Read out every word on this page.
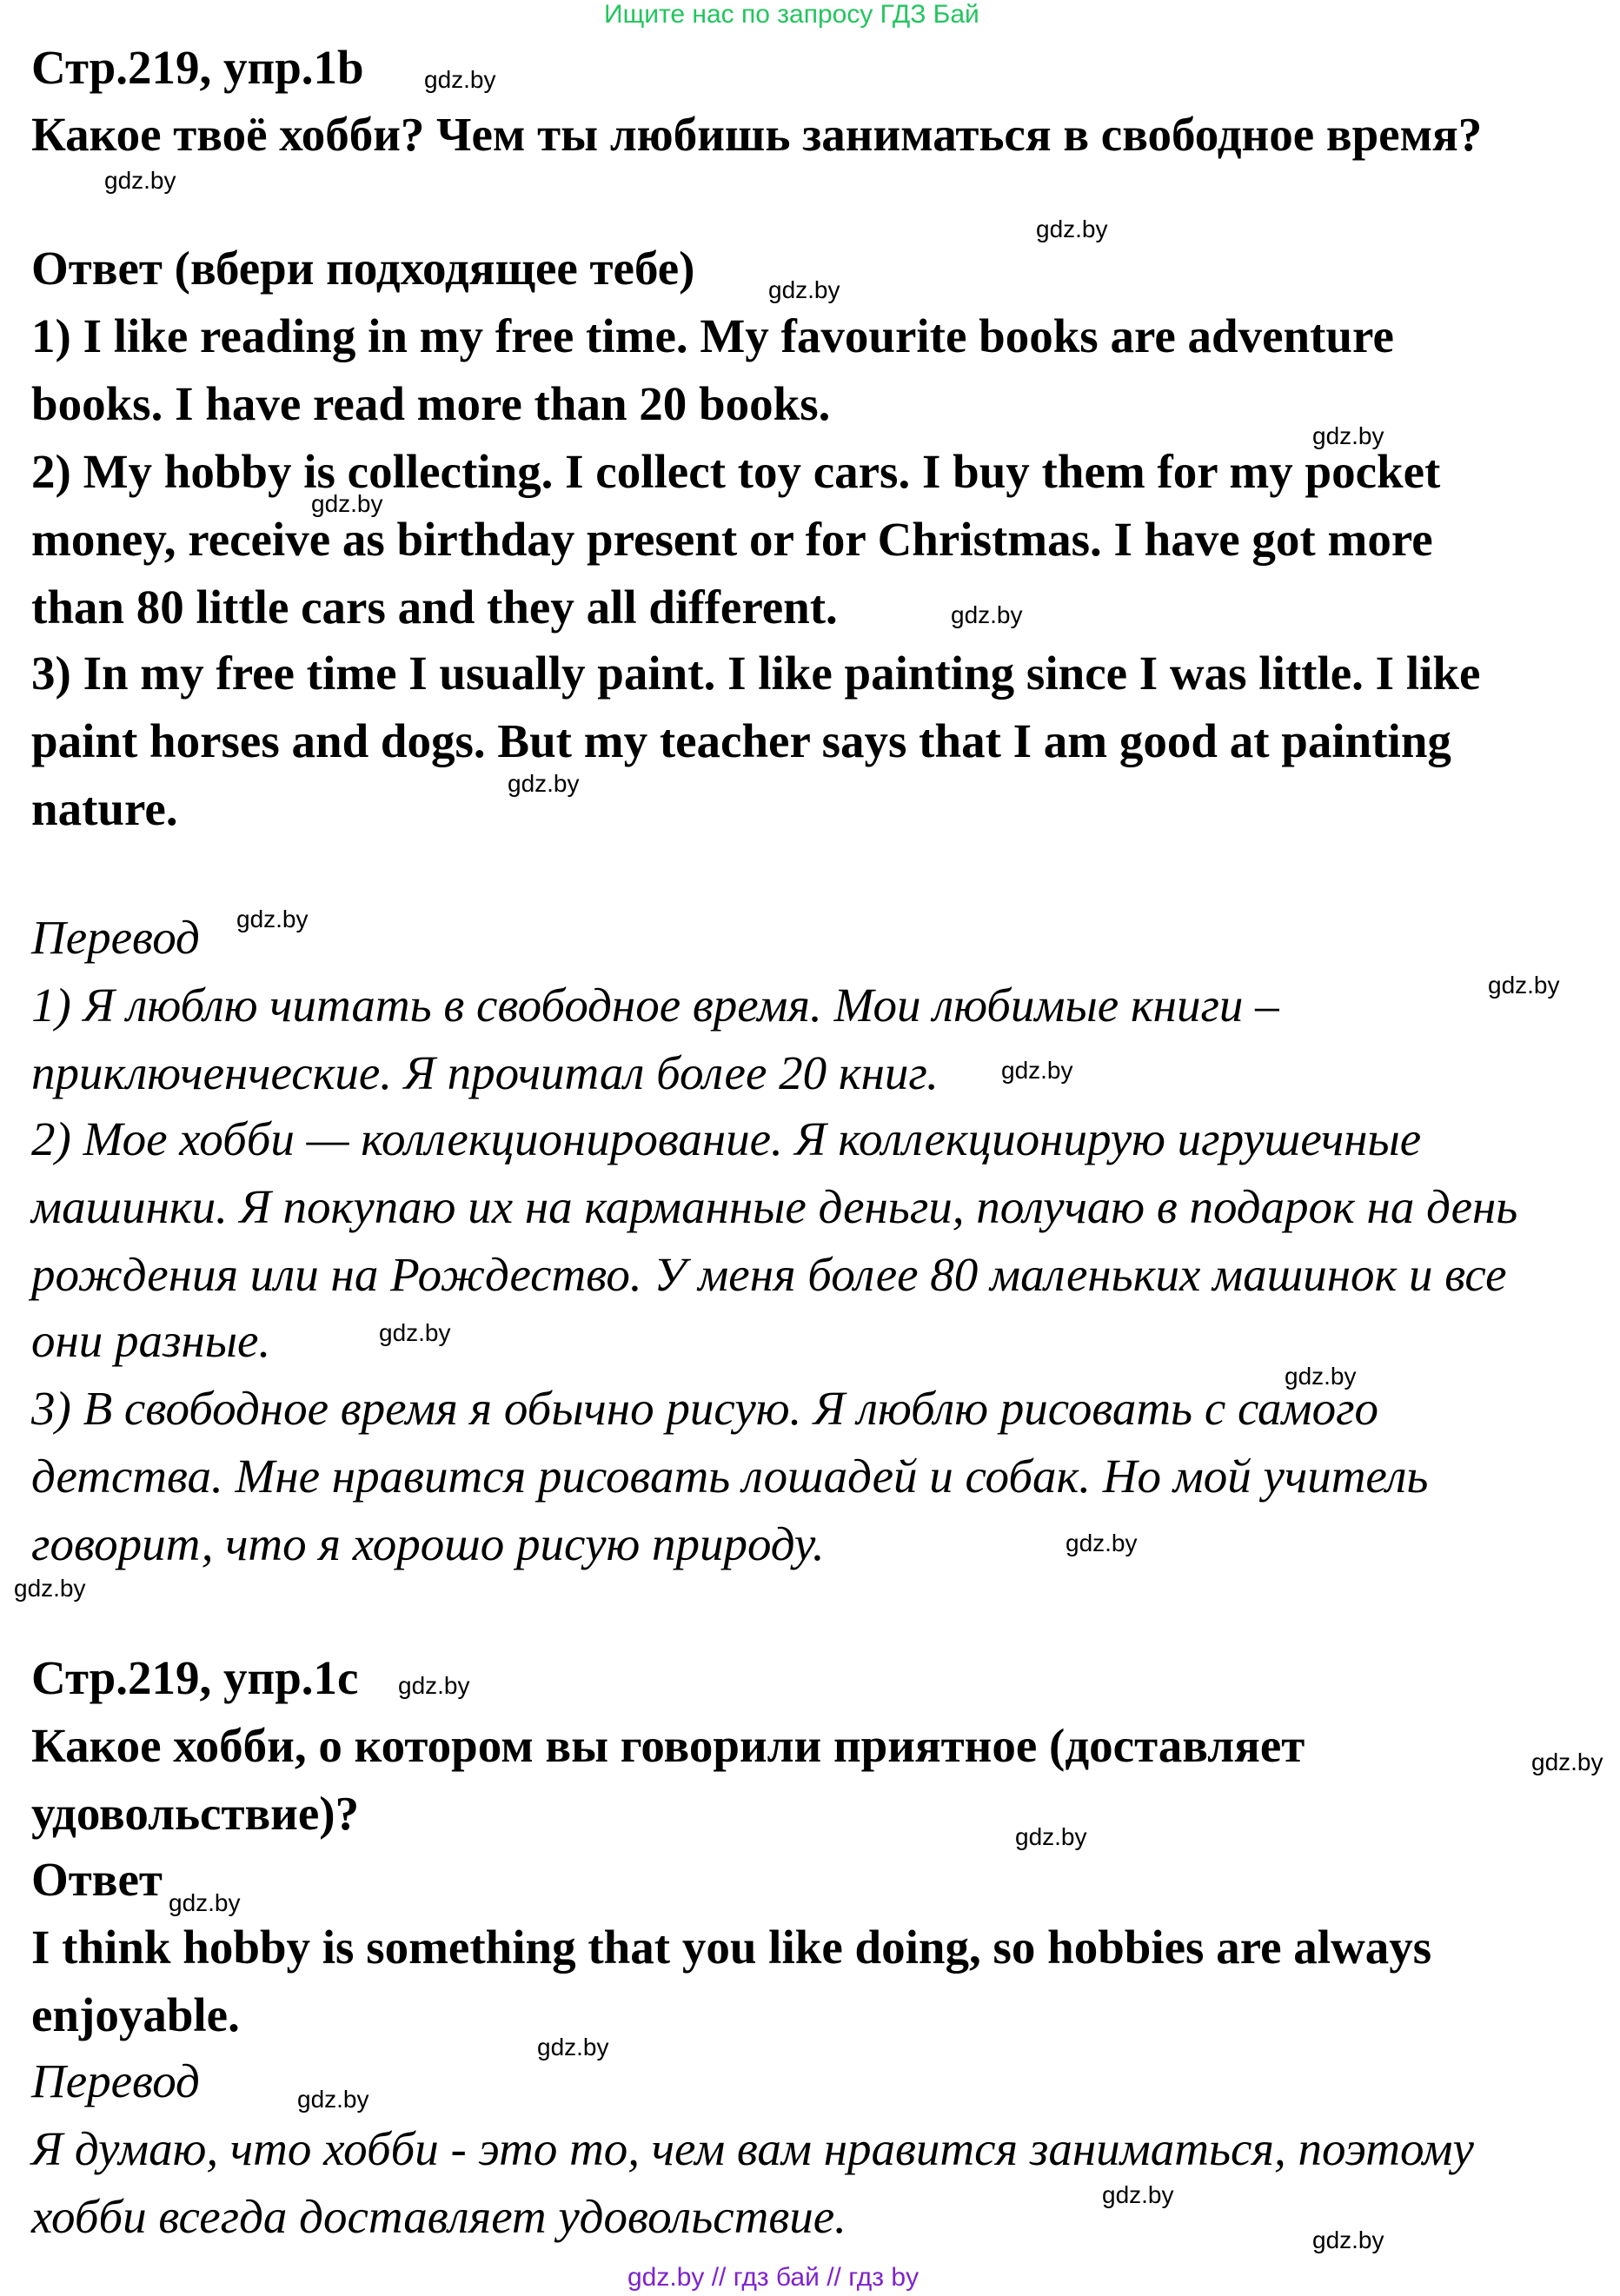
Ищите нас по запросу ГДЗ Бай
Стр.219, упр.1b
Какое твоё хобби? Чем ты любишь заниматься в свободное время?
Ответ (вбери подходящее тебе)
1) I like reading in my free time. My favourite books are adventure
books. I have read more than 20 books.
2) My hobby is collecting. I collect toy cars. I buy them for my pocket
money, receive as birthday present or for Christmas. I have got more
than 80 little cars and they all different.
3) In my free time I usually paint. I like painting since I was little. I like
paint horses and dogs. But my teacher says that I am good at painting
nature.
Перевод
1) Я люблю читать в свободное время. Мои любимые книги –
приключенческие. Я прочитал более 20 книг.
2) Мое хобби — коллекционирование. Я коллекционирую игрушечные
машинки. Я покупаю их на карманные деньги, получаю в подарок на день
рождения или на Рождество. У меня более 80 маленьких машинок и все
они разные.
3) В свободное время я обычно рисую. Я люблю рисовать с самого
детства. Мне нравится рисовать лошадей и собак. Но мой учитель
говорит, что я хорошо рисую природу.
Стр.219, упр.1c
Какое хобби, о котором вы говорили приятное (доставляет
удовольствие)?
Ответ
I think hobby is something that you like doing, so hobbies are always
enjoyable.
Перевод
Я думаю, что хобби - это то, чем вам нравится заниматься, поэтому
хобби всегда доставляет удовольствие.
gdz.by
gdz.by
gdz.by
gdz.by
gdz.by
gdz.by
gdz.by
gdz.by
gdz.by
gdz.by
gdz.by
gdz.by
gdz.by
gdz.by
gdz.by
gdz.by
gdz.by
gdz.by
gdz.by
gdz.by
gdz.by
gdz.by
gdz.by
gdz.by // гдз бай // гдз by
